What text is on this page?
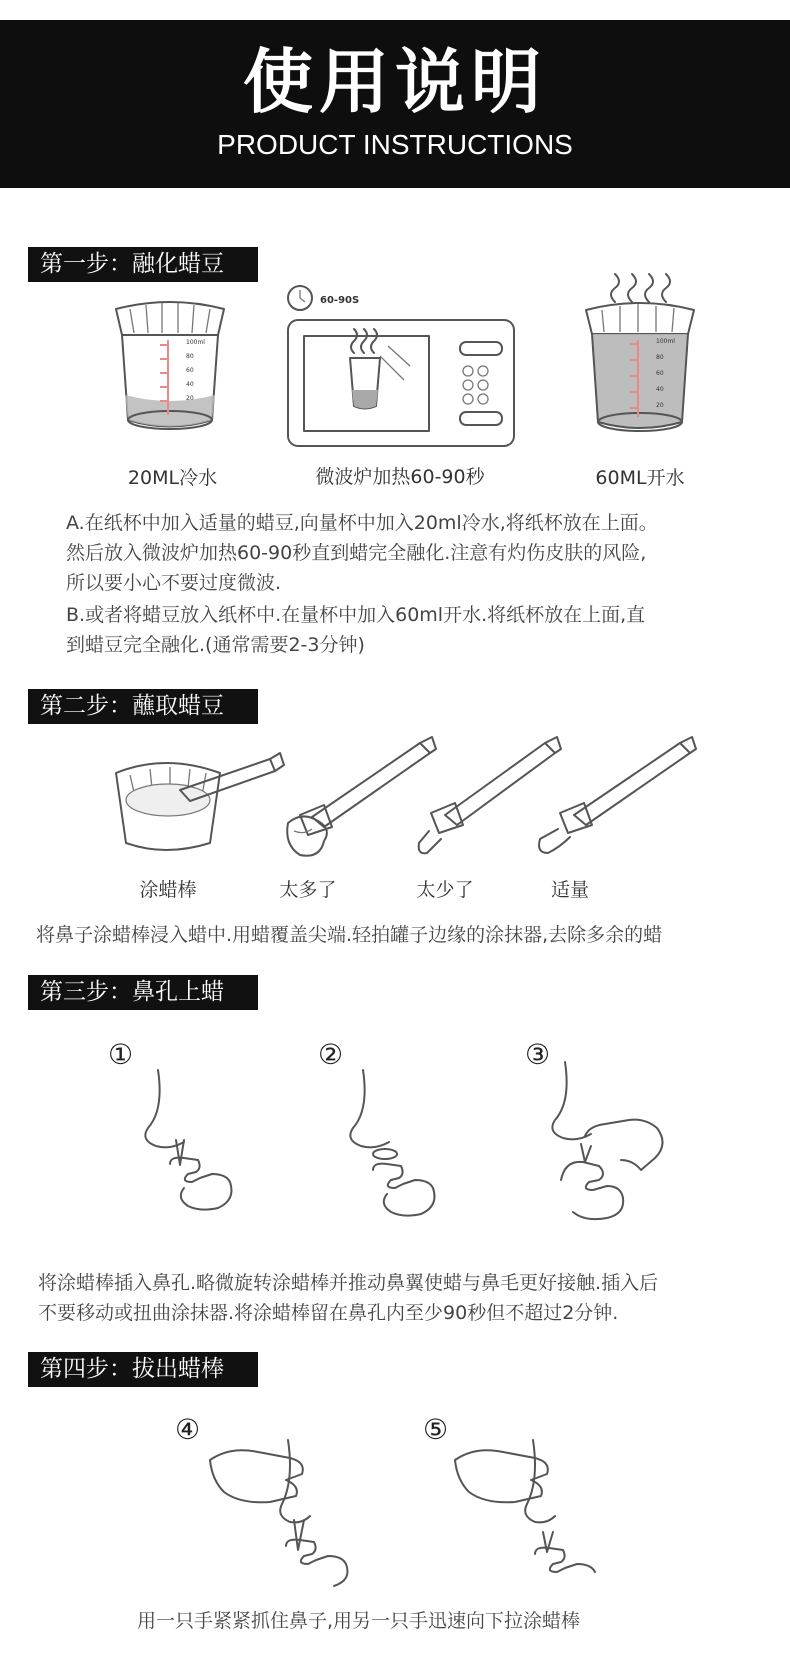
使用说明
PRODUCT INSTRUCTIONS
第一步：融化蜡豆
100ml
80
60
40
20
60-90S
100ml
80
60
40
20
20ML冷水	微波炉加热60-90秒	60ML开水

A.在纸杯中加入适量的蜡豆,向量杯中加入20ml冷水,将纸杯放在上面。

然后放入微波炉加热60-90秒直到蜡完全融化.注意有灼伤皮肤的风险,

所以要小心不要过度微波.

B.或者将蜡豆放入纸杯中.在量杯中加入60ml开水.将纸杯放在上面,直

到蜡豆完全融化.(通常需要2-3分钟)

第二步：蘸取蜡豆
涂蜡棒	太多了	太少了	适量

将鼻子涂蜡棒浸入蜡中.用蜡覆盖尖端.轻拍罐子边缘的涂抹器,去除多余的蜡

第三步：鼻孔上蜡
①	②	③

将涂蜡棒插入鼻孔.略微旋转涂蜡棒并推动鼻翼使蜡与鼻毛更好接触.插入后

不要移动或扭曲涂抹器.将涂蜡棒留在鼻孔内至少90秒但不超过2分钟.

第四步：拔出蜡棒
④	⑤

用一只手紧紧抓住鼻子,用另一只手迅速向下拉涂蜡棒
